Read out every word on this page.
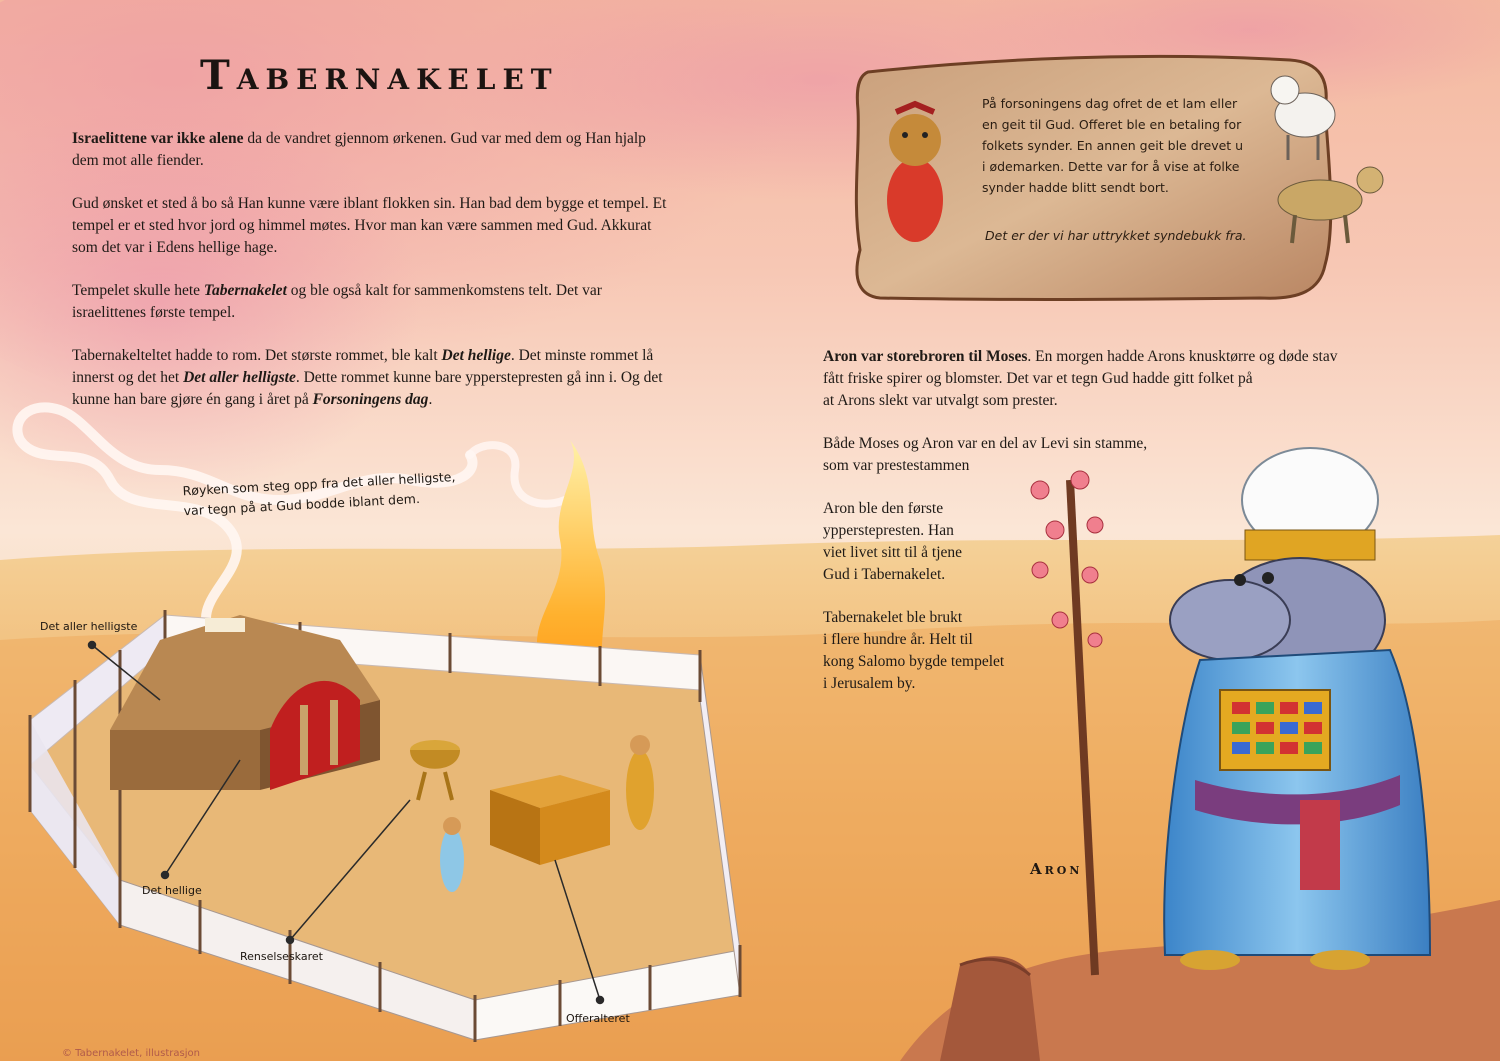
Tabernakelet

Israelittene var ikke alene da de vandret gjennom ørkenen. Gud var med dem og Han hjalp dem mot alle fiender.

Gud ønsket et sted å bo så Han kunne være iblant flokken sin. Han bad dem bygge et tempel. Et tempel er et sted hvor jord og himmel møtes. Hvor man kan være sammen med Gud. Akkurat som det var i Edens hellige hage.

Tempelet skulle hete Tabernakelet og ble også kalt for sammenkomstens telt. Det var israelittenes første tempel.

Tabernakelteltet hadde to rom. Det største rommet, ble kalt Det hellige. Det minste rommet lå innerst og det het Det aller helligste. Dette rommet kunne bare ypperstepresten gå inn i. Og det kunne han bare gjøre én gang i året på Forsoningens dag.

Røyken som steg opp fra det aller helligste,
var tegn på at Gud bodde iblant dem.
Det aller helligste
Det hellige
Renselseskaret
Offeralteret
På forsoningens dag ofret de et lam eller
en geit til Gud. Offeret ble en betaling for
folkets synder. En annen geit ble drevet u
i ødemarken. Dette var for å vise at folke
synder hadde blitt sendt bort.
Det er der vi har uttrykket syndebukk fra.

Aron var storebroren til Moses. En morgen hadde Arons knusktørre og døde stav
fått friske spirer og blomster. Det var et tegn Gud hadde gitt folket på
at Arons slekt var utvalgt som prester.

Både Moses og Aron var en del av Levi sin stamme,
som var prestestammen

Aron ble den første
ypperstepresten. Han
viet livet sitt til å tjene
Gud i Tabernakelet.

Tabernakelet ble brukt
i flere hundre år. Helt til
kong Salomo bygde tempelet
i Jerusalem by.

Aron
© Tabernakelet, illustrasjon
